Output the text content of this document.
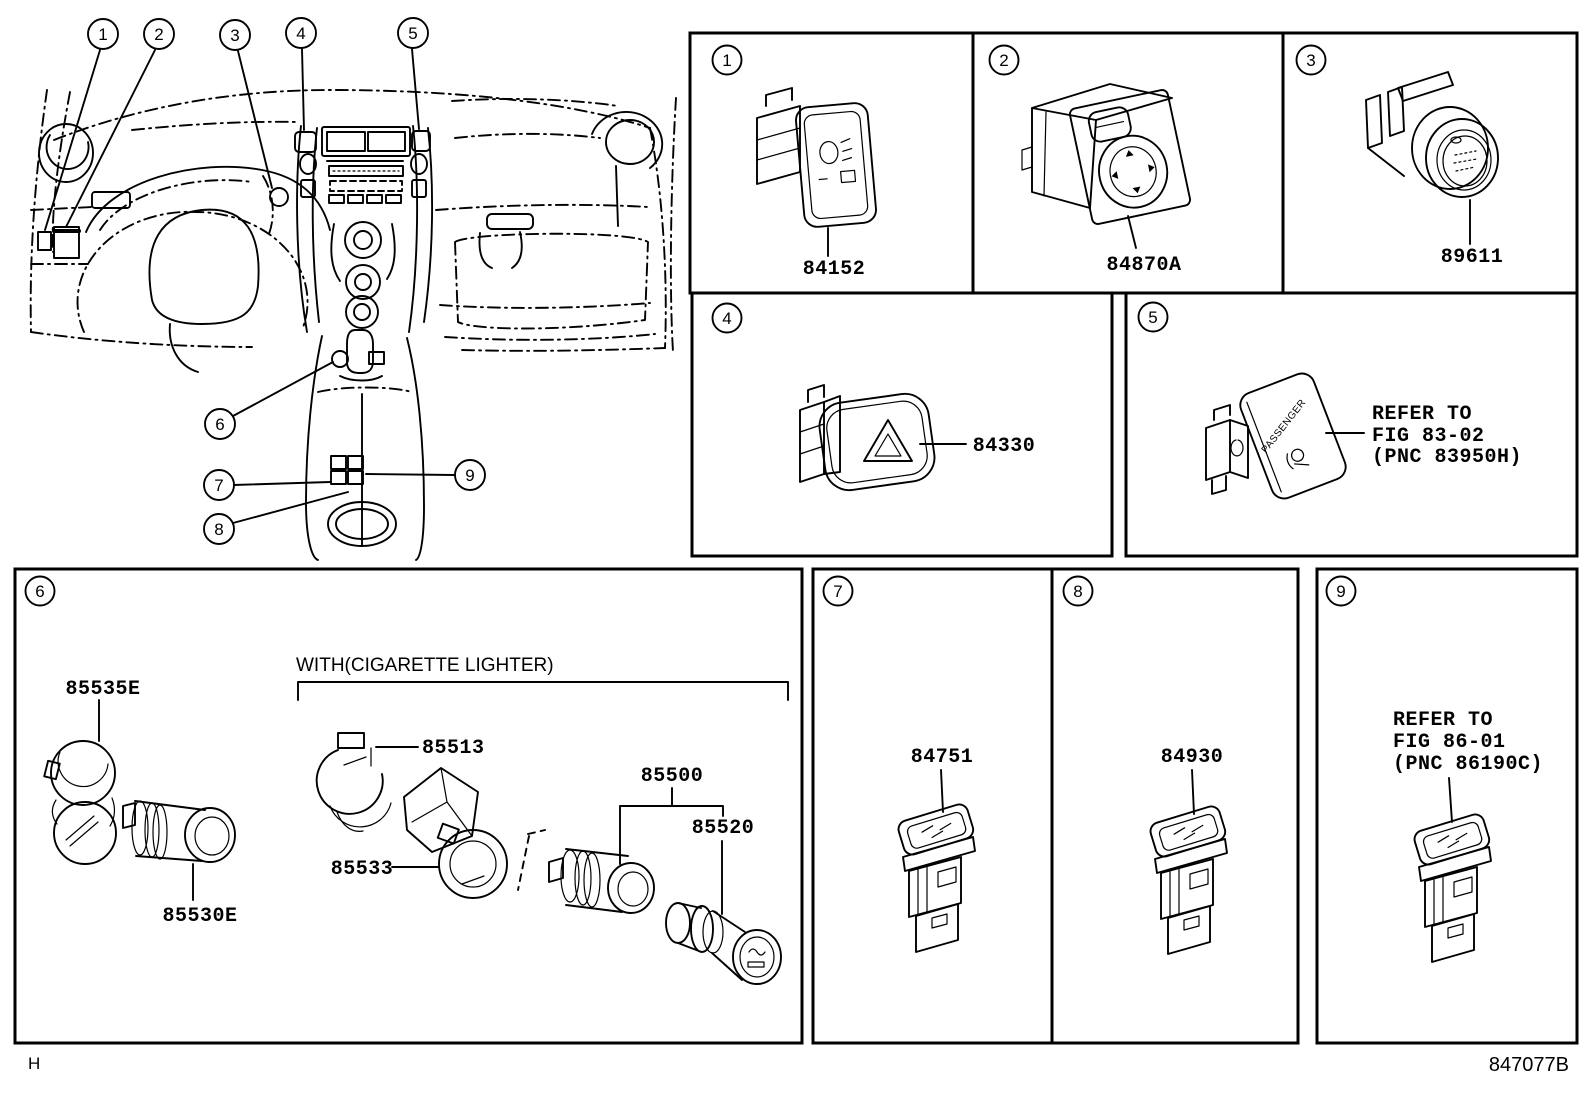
1	2	3	4	5
6
7
8
9
1	2	3
4	5
6	7	8	9
84152	84870A	89611
84330	PASSENGER	REFER TO
FIG 83-02
(PNC 83950H)
85535E
85530E
WITH(CIGARETTE LIGHTER)
85513
85533
85500
85520
84751	84930
REFER TO
FIG 86-01
(PNC 86190C)
H	847077B
